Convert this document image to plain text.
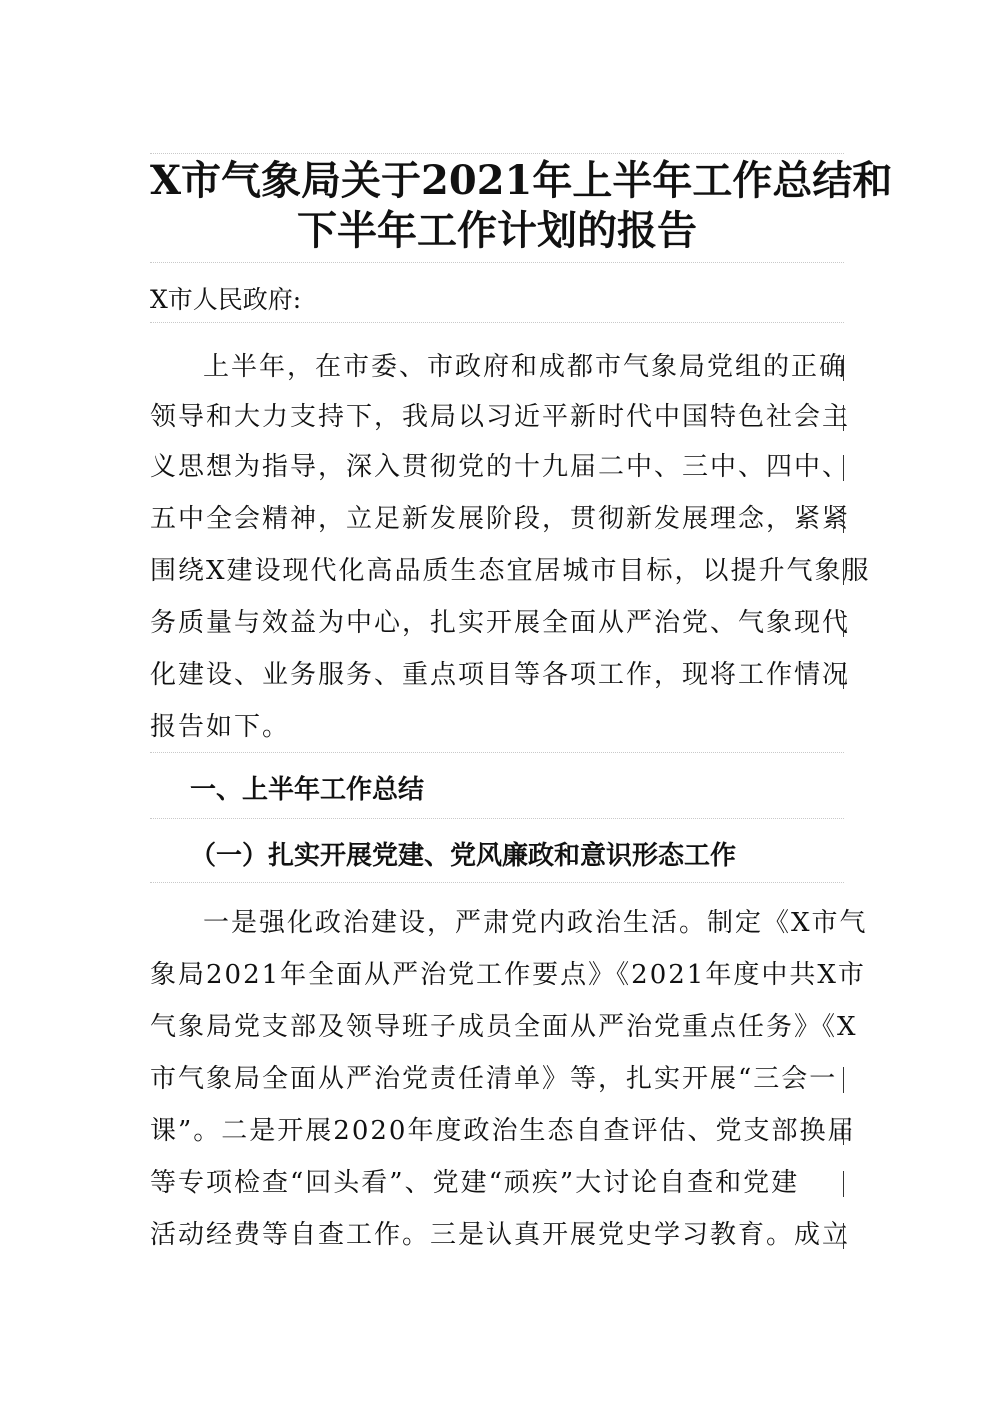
X市气象局关于2021年上半年工作总结和
下半年工作计划的报告
X市人民政府:
上半年，在市委、市政府和成都市气象局党组的正确
领导和大力支持下，我局以习近平新时代中国特色社会主
义思想为指导，深入贯彻党的十九届二中、三中、四中、
五中全会精神，立足新发展阶段，贯彻新发展理念，紧紧
围绕X建设现代化高品质生态宜居城市目标，以提升气象服
务质量与效益为中心，扎实开展全面从严治党、气象现代
化建设、业务服务、重点项目等各项工作，现将工作情况
报告如下。
一、上半年工作总结
（一）扎实开展党建、党风廉政和意识形态工作
一是强化政治建设，严肃党内政治生活。制定《X市气
象局2021年全面从严治党工作要点》《2021年度中共X市
气象局党支部及领导班子成员全面从严治党重点任务》《X
市气象局全面从严治党责任清单》等，扎实开展“三会一
课”。二是开展2020年度政治生态自查评估、党支部换届
等专项检查“回头看”、党建“顽疾”大讨论自查和党建
活动经费等自查工作。三是认真开展党史学习教育。成立
